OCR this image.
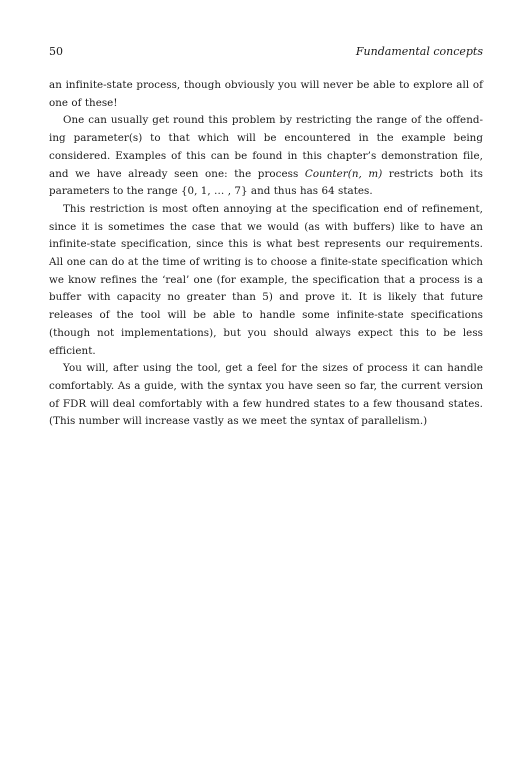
50	Fundamental concepts

an infinite-state process, though obviously you will never be able to explore all of one of these!

One can usually get round this problem by restricting the range of the offending parameter(s) to that which will be encountered in the example being considered. Examples of this can be found in this chapter’s demonstration file, and we have already seen one: the process Counter(n, m) restricts both its parameters to the range {0, 1, … , 7} and thus has 64 states.

This restriction is most often annoying at the specification end of refinement, since it is sometimes the case that we would (as with buffers) like to have an infinite-state specification, since this is what best represents our requirements. All one can do at the time of writing is to choose a finite-state specification which we know refines the ‘real’ one (for example, the specification that a process is a buffer with capacity no greater than 5) and prove it. It is likely that future releases of the tool will be able to handle some infinite-state specifications (though not implementations), but you should always expect this to be less efficient.

You will, after using the tool, get a feel for the sizes of process it can handle comfortably. As a guide, with the syntax you have seen so far, the current version of FDR will deal comfortably with a few hundred states to a few thousand states. (This number will increase vastly as we meet the syntax of parallelism.)
